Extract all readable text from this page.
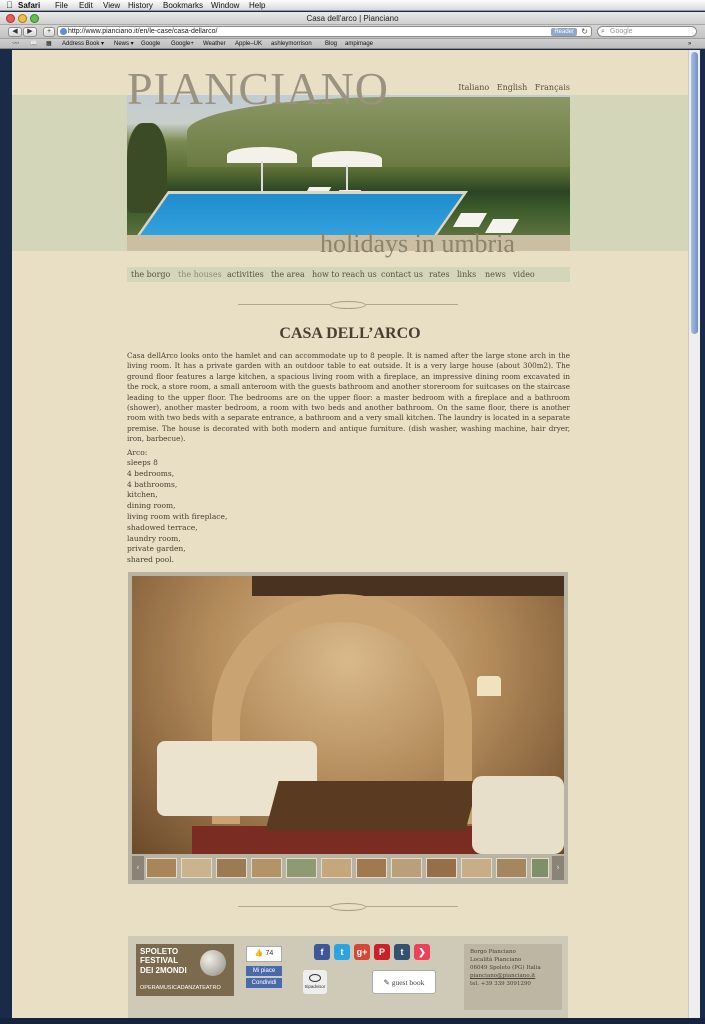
Safari File Edit View History Bookmarks Window Help
Casa dell'arco | Pianciano
◀	▶	+	http://www.pianciano.it/en/le-case/casa-dellarco/	Reader ↻ ⌕ Google
👓 📖 ▦ Address Book ▾ News ▾ Google Google+ Weather Apple–UK ashleymorrison Blog ampimage	»
PIANCIANO	Italiano English Français
holidays in umbria
the borgo the houses activities the area how to reach us contact us rates links news video
CASA DELL’ARCO

Casa dellArco looks onto the hamlet and can accommodate up to 8 people. It is named after the large stone arch in the living room. It has a private garden with an outdoor table to eat outside. It is a very large house (about 300m2). The ground floor features a large kitchen, a spacious living room with a fireplace, an impressive dining room excavated in the rock, a store room, a small anteroom with the guests bathroom and another storeroom for suitcases on the staircase leading to the upper floor. The bedrooms are on the upper floor: a master bedroom with a fireplace and a bathroom (shower), another master bedroom, a room with two beds and another bathroom. On the same floor, there is another room with two beds with a separate entrance, a bathroom and a very small kitchen. The laundry is located in a separate premise. The house is decorated with both modern and antique furniture. (dish washer, washing machine, hair dryer, iron, barbecue).

Arco:
sleeps 8
4 bedrooms,
4 bathrooms,
kitchen,
dining room,
living room with fireplace,
shadowed terrace,
laundry room,
private garden,
shared pool.
‹	›
SPOLETO
FESTIVAL
DEI 2MONDI
OPERAMUSICADANZATEATRO
👍 74
Mi piace
Condividi
f	t	g+	P	t	❯
tripadvisor	✎ guest book
Borgo Pianciano
Località Pianciano
06049 Spoleto (PG) Italia
pianciano@pianciano.it
tel. +39 339 3091290
